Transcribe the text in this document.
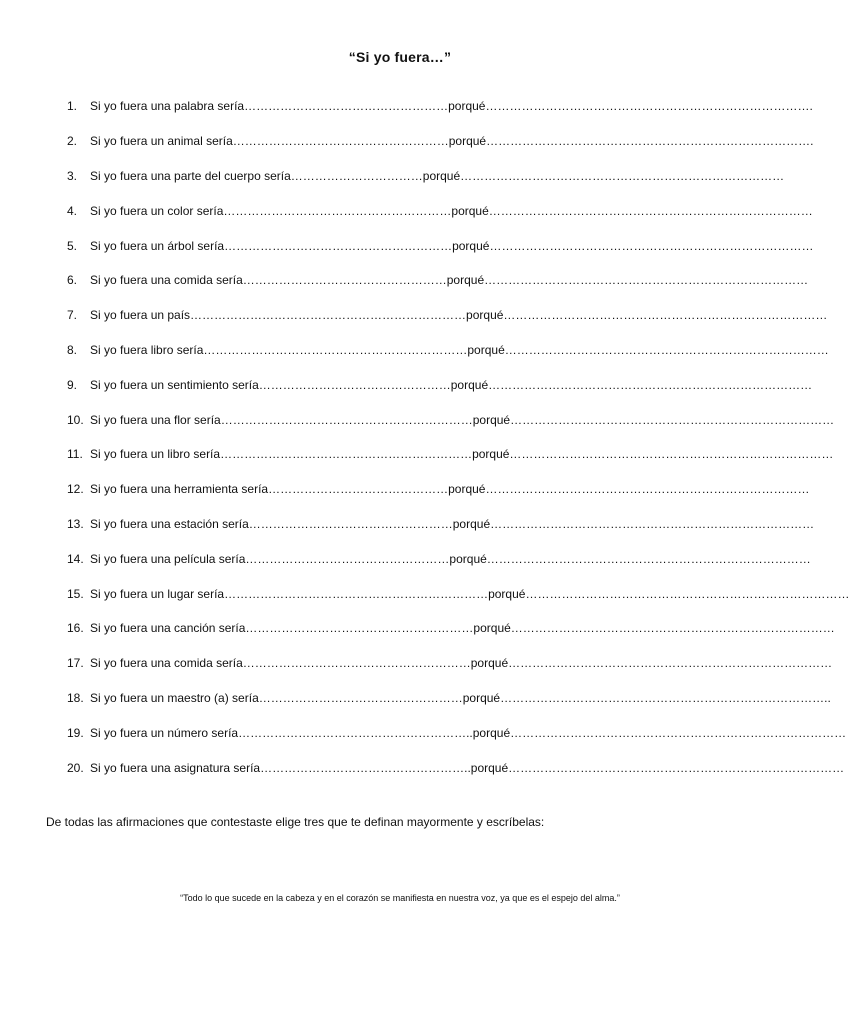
“Si yo fuera…”
1.	Si yo fuera una palabra sería……………………………………………porqué……………………………………………………………………….
2.	Si yo fuera un animal sería………………………………………………porqué……………………………………………………………………….
3.	Si yo fuera una parte del cuerpo sería……………………………porqué………………………………………………………………………
4.	Si yo fuera un color sería…………………………………………………porqué………………………………………………………………………
5.	Si yo fuera un árbol sería…………………………………………………porqué………………………………………………………………………
6.	Si yo fuera una comida sería……………………………………………porqué………………………………………………………………………
7.	Si yo fuera un país……………………………………………………………porqué………………………………………………………………………
8.	Si yo fuera libro sería…………………………………………………………porqué………………………………………………………………………
9.	Si yo fuera un sentimiento sería…………………………………………porqué………………………………………………………………………
10. Si yo fuera una flor sería………………………………………………………porqué………………………………………………………………………
11. Si yo fuera un libro sería………………………………………………………porqué………………………………………………………………………
12. Si yo fuera una herramienta sería………………………………………porqué………………………………………………………………………
13. Si yo fuera una estación sería……………………………………………porqué………………………………………………………………………
14. Si yo fuera una película sería……………………………………………porqué………………………………………………………………………
15. Si yo fuera un lugar sería…………………………………………………………porqué………………………………………………………………………
16. Si yo fuera una canción sería…………………………………………………porqué………………………………………………………………………
17. Si yo fuera una comida sería…………………………………………………porqué………………………………………………………………………
18. Si yo fuera un maestro (a) sería……………………………………………porqué………………………………………………………………………..
19. Si yo fuera un número sería…………………………………………………..porqué…………………………………………………………………………
20. Si yo fuera una asignatura sería……………………………………………..porqué…………………………………………………………………………
De todas las afirmaciones que contestaste elige tres que te definan mayormente y escríbelas:
“Todo lo que sucede en la cabeza y en el corazón se manifiesta en nuestra voz, ya que es el espejo del alma.”
